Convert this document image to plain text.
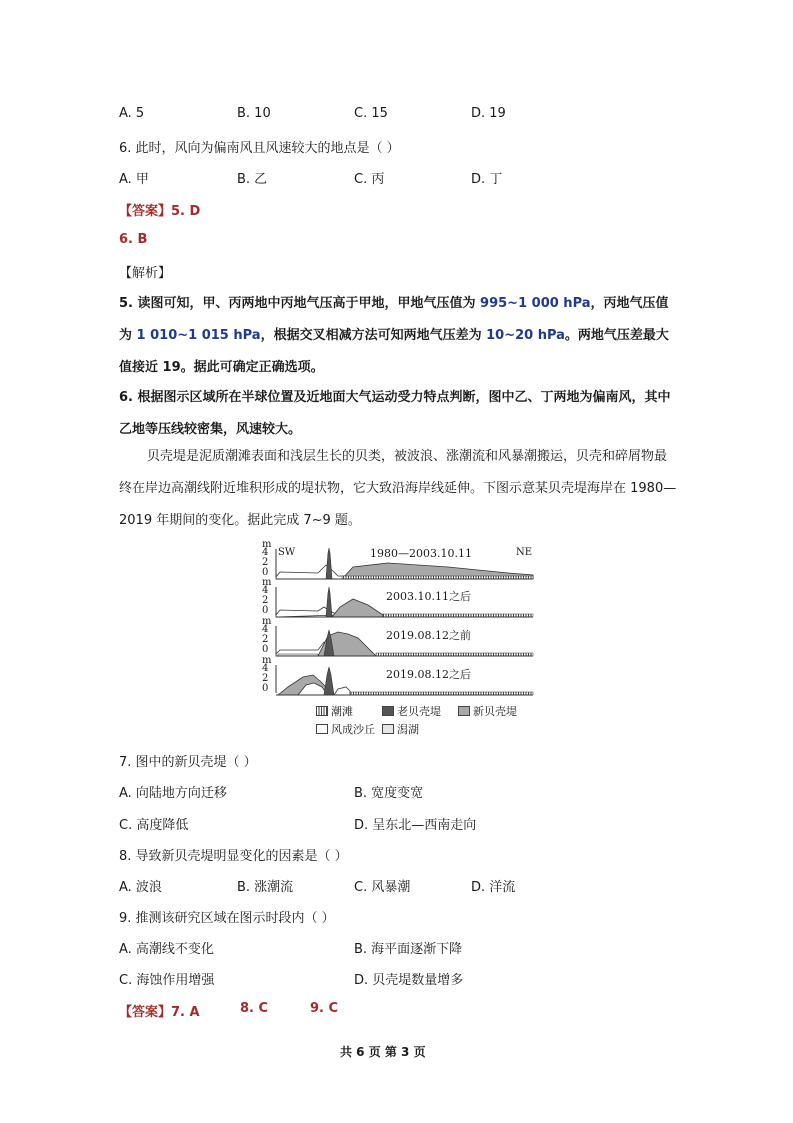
A. 5	B. 10	C. 15	D. 19
6. 此时，风向为偏南风且风速较大的地点是（ ）
A. 甲	B. 乙	C. 丙	D. 丁
【答案】5. D
6. B
【解析】
5. 读图可知，甲、丙两地中丙地气压高于甲地，甲地气压值为 995~1 000 hPa，丙地气压值为 1 010~1 015 hPa，根据交叉相减方法可知两地气压差为 10~20 hPa。两地气压差最大值接近 19。据此可确定正确选项。
6. 根据图示区域所在半球位置及近地面大气运动受力特点判断，图中乙、丁两地为偏南风，其中乙地等压线较密集，风速较大。
贝壳堤是泥质潮滩表面和浅层生长的贝类，被波浪、涨潮流和风暴潮搬运，贝壳和碎屑物最终在岸边高潮线附近堆积形成的堤状物，它大致沿海岸线延伸。下图示意某贝壳堤海岸在 1980—2019 年期间的变化。据此完成 7~9 题。
m
4
2
0
SW	NE
1980—2003.10.11
m
4
2
0
2003.10.11之后
m
4
2
0
2019.08.12之前
m
4
2
0
2019.08.12之后
潮滩	老贝壳堤	新贝壳堤
风成沙丘 潟湖
7. 图中的新贝壳堤（ ）
A. 向陆地方向迁移	B. 宽度变宽
C. 高度降低	D. 呈东北—西南走向
8. 导致新贝壳堤明显变化的因素是（ ）
A. 波浪	B. 涨潮流	C. 风暴潮	D. 洋流
9. 推测该研究区域在图示时段内（ ）
A. 高潮线不变化	B. 海平面逐渐下降
C. 海蚀作用增强	D. 贝壳堤数量增多
【答案】7. A	8. C	9. C
共 6 页 第 3 页
